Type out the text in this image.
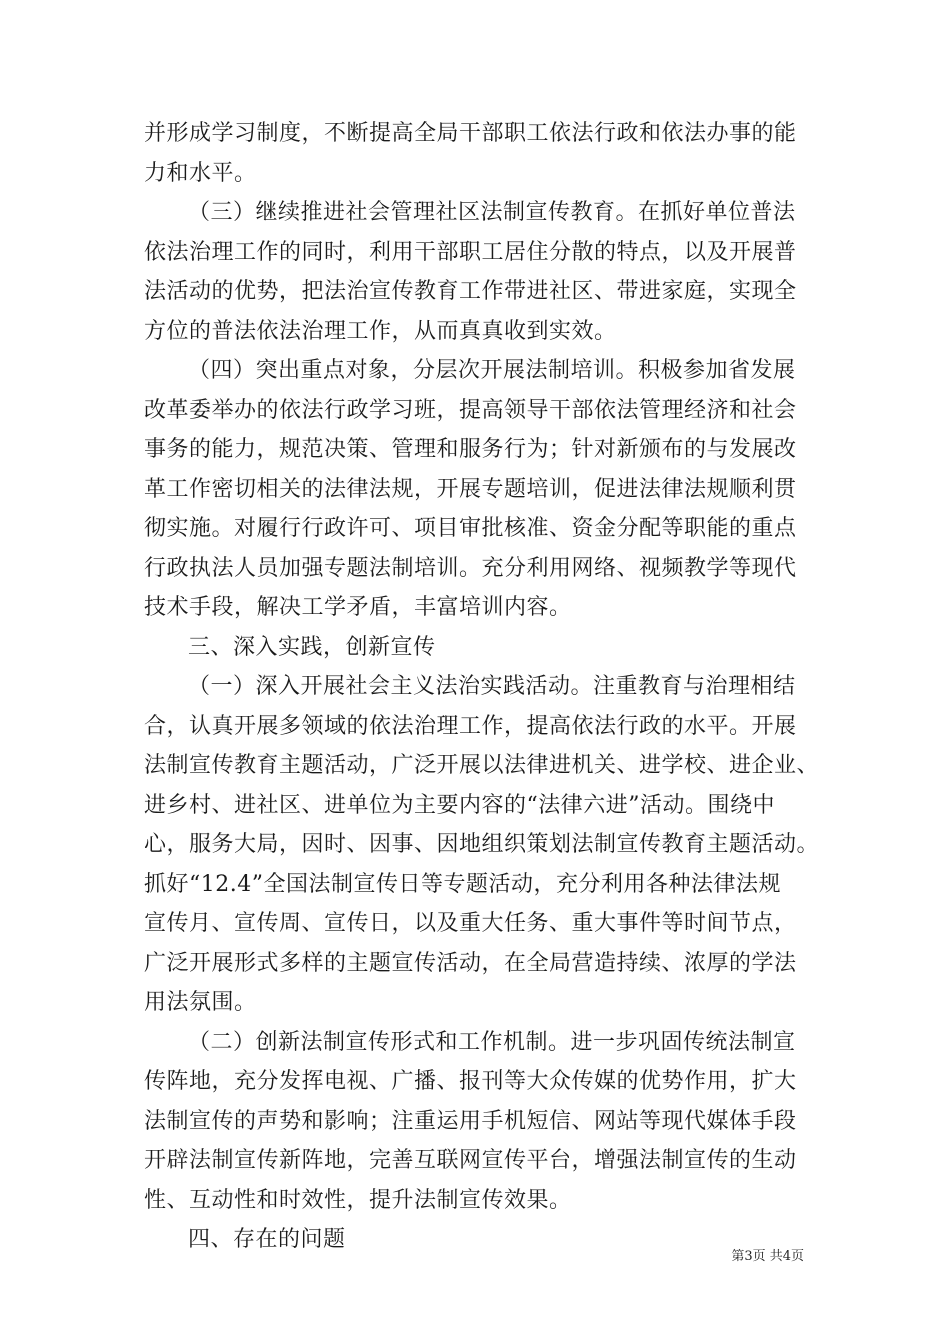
并形成学习制度，不断提高全局干部职工依法行政和依法办事的能
力和水平。
（三）继续推进社会管理社区法制宣传教育。在抓好单位普法
依法治理工作的同时，利用干部职工居住分散的特点，以及开展普
法活动的优势，把法治宣传教育工作带进社区、带进家庭，实现全
方位的普法依法治理工作，从而真真收到实效。
（四）突出重点对象，分层次开展法制培训。积极参加省发展
改革委举办的依法行政学习班，提高领导干部依法管理经济和社会
事务的能力，规范决策、管理和服务行为；针对新颁布的与发展改
革工作密切相关的法律法规，开展专题培训，促进法律法规顺利贯
彻实施。对履行行政许可、项目审批核准、资金分配等职能的重点
行政执法人员加强专题法制培训。充分利用网络、视频教学等现代
技术手段，解决工学矛盾，丰富培训内容。
三、深入实践，创新宣传
（一）深入开展社会主义法治实践活动。注重教育与治理相结
合，认真开展多领域的依法治理工作，提高依法行政的水平。开展
法制宣传教育主题活动，广泛开展以法律进机关、进学校、进企业、
进乡村、进社区、进单位为主要内容的“法律六进”活动。围绕中
心，服务大局，因时、因事、因地组织策划法制宣传教育主题活动。
抓好“12.4”全国法制宣传日等专题活动，充分利用各种法律法规
宣传月、宣传周、宣传日，以及重大任务、重大事件等时间节点，
广泛开展形式多样的主题宣传活动，在全局营造持续、浓厚的学法
用法氛围。
（二）创新法制宣传形式和工作机制。进一步巩固传统法制宣
传阵地，充分发挥电视、广播、报刊等大众传媒的优势作用，扩大
法制宣传的声势和影响；注重运用手机短信、网站等现代媒体手段
开辟法制宣传新阵地，完善互联网宣传平台，增强法制宣传的生动
性、互动性和时效性，提升法制宣传效果。
四、存在的问题
第3页 共4页
